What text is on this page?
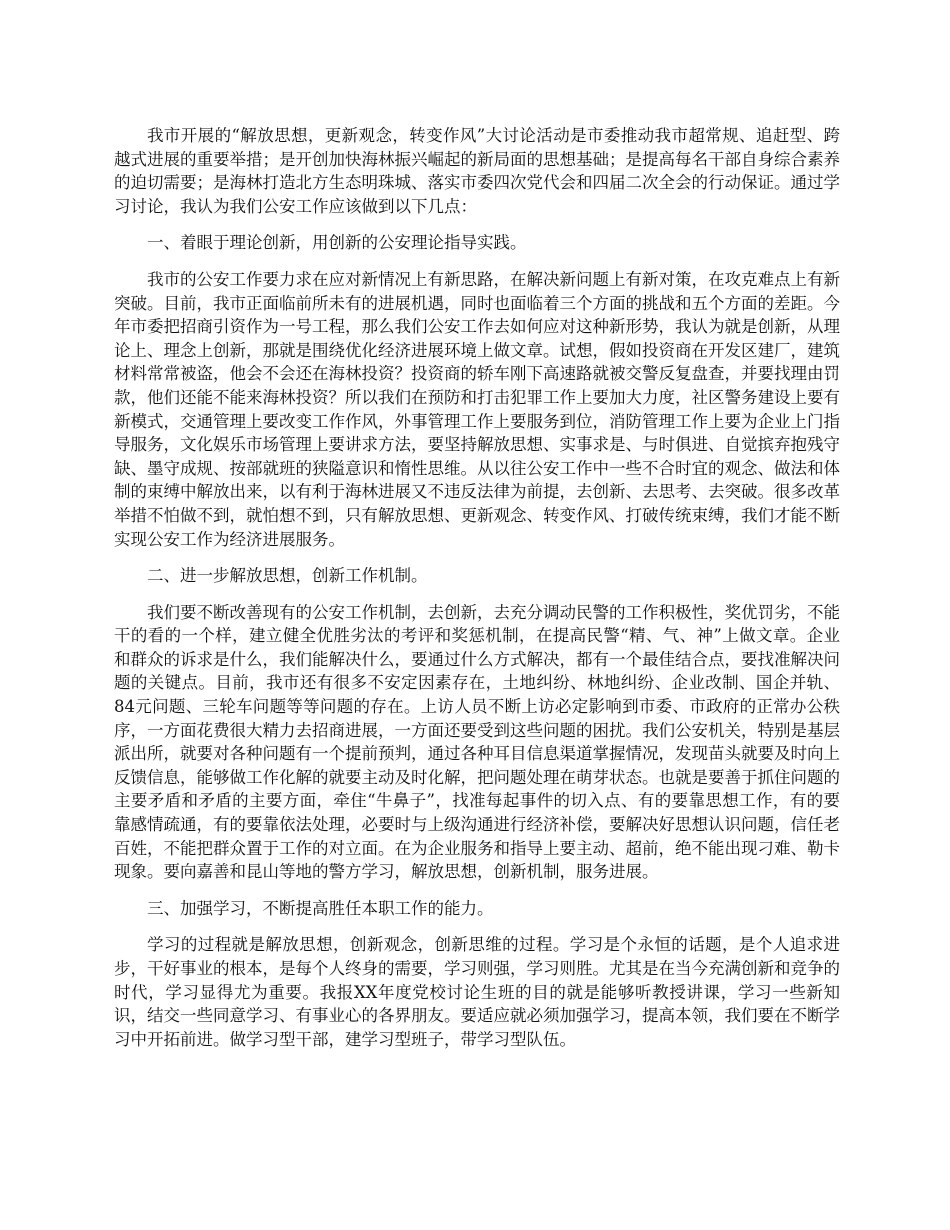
我市开展的“解放思想，更新观念，转变作风”大讨论活动是市委推动我市超常规、追赶型、跨越式进展的重要举措；是开创加快海林振兴崛起的新局面的思想基础；是提高每名干部自身综合素养的迫切需要；是海林打造北方生态明珠城、落实市委四次党代会和四届二次全会的行动保证。通过学习讨论，我认为我们公安工作应该做到以下几点：

一、着眼于理论创新，用创新的公安理论指导实践。

我市的公安工作要力求在应对新情况上有新思路，在解决新问题上有新对策，在攻克难点上有新突破。目前，我市正面临前所未有的进展机遇，同时也面临着三个方面的挑战和五个方面的差距。今年市委把招商引资作为一号工程，那么我们公安工作去如何应对这种新形势，我认为就是创新，从理论上、理念上创新，那就是围绕优化经济进展环境上做文章。试想，假如投资商在开发区建厂，建筑材料常常被盗，他会不会还在海林投资？投资商的轿车刚下高速路就被交警反复盘查，并要找理由罚款，他们还能不能来海林投资？所以我们在预防和打击犯罪工作上要加大力度，社区警务建设上要有新模式，交通管理上要改变工作作风，外事管理工作上要服务到位，消防管理工作上要为企业上门指导服务，文化娱乐市场管理上要讲求方法，要坚持解放思想、实事求是、与时俱进、自觉摈弃抱残守缺、墨守成规、按部就班的狭隘意识和惰性思维。从以往公安工作中一些不合时宜的观念、做法和体制的束缚中解放出来，以有利于海林进展又不违反法律为前提，去创新、去思考、去突破。很多改革举措不怕做不到，就怕想不到，只有解放思想、更新观念、转变作风、打破传统束缚，我们才能不断实现公安工作为经济进展服务。

二、进一步解放思想，创新工作机制。

我们要不断改善现有的公安工作机制，去创新，去充分调动民警的工作积极性，奖优罚劣，不能干的看的一个样，建立健全优胜劣汰的考评和奖惩机制，在提高民警“精、气、神”上做文章。企业和群众的诉求是什么，我们能解决什么，要通过什么方式解决，都有一个最佳结合点，要找准解决问题的关键点。目前，我市还有很多不安定因素存在，土地纠纷、林地纠纷、企业改制、国企并轨、84元问题、三轮车问题等等问题的存在。上访人员不断上访必定影响到市委、市政府的正常办公秩序，一方面花费很大精力去招商进展，一方面还要受到这些问题的困扰。我们公安机关，特别是基层派出所，就要对各种问题有一个提前预判，通过各种耳目信息渠道掌握情况，发现苗头就要及时向上反馈信息，能够做工作化解的就要主动及时化解，把问题处理在萌芽状态。也就是要善于抓住问题的主要矛盾和矛盾的主要方面，牵住“牛鼻子”，找准每起事件的切入点、有的要靠思想工作，有的要靠感情疏通，有的要靠依法处理，必要时与上级沟通进行经济补偿，要解决好思想认识问题，信任老百姓，不能把群众置于工作的对立面。在为企业服务和指导上要主动、超前，绝不能出现刁难、勒卡现象。要向嘉善和昆山等地的警方学习，解放思想，创新机制，服务进展。

三、加强学习，不断提高胜任本职工作的能力。

学习的过程就是解放思想，创新观念，创新思维的过程。学习是个永恒的话题，是个人追求进步，干好事业的根本，是每个人终身的需要，学习则强，学习则胜。尤其是在当今充满创新和竞争的时代，学习显得尤为重要。我报XX年度党校讨论生班的目的就是能够听教授讲课，学习一些新知识，结交一些同意学习、有事业心的各界朋友。要适应就必须加强学习，提高本领，我们要在不断学习中开拓前进。做学习型干部，建学习型班子，带学习型队伍。
